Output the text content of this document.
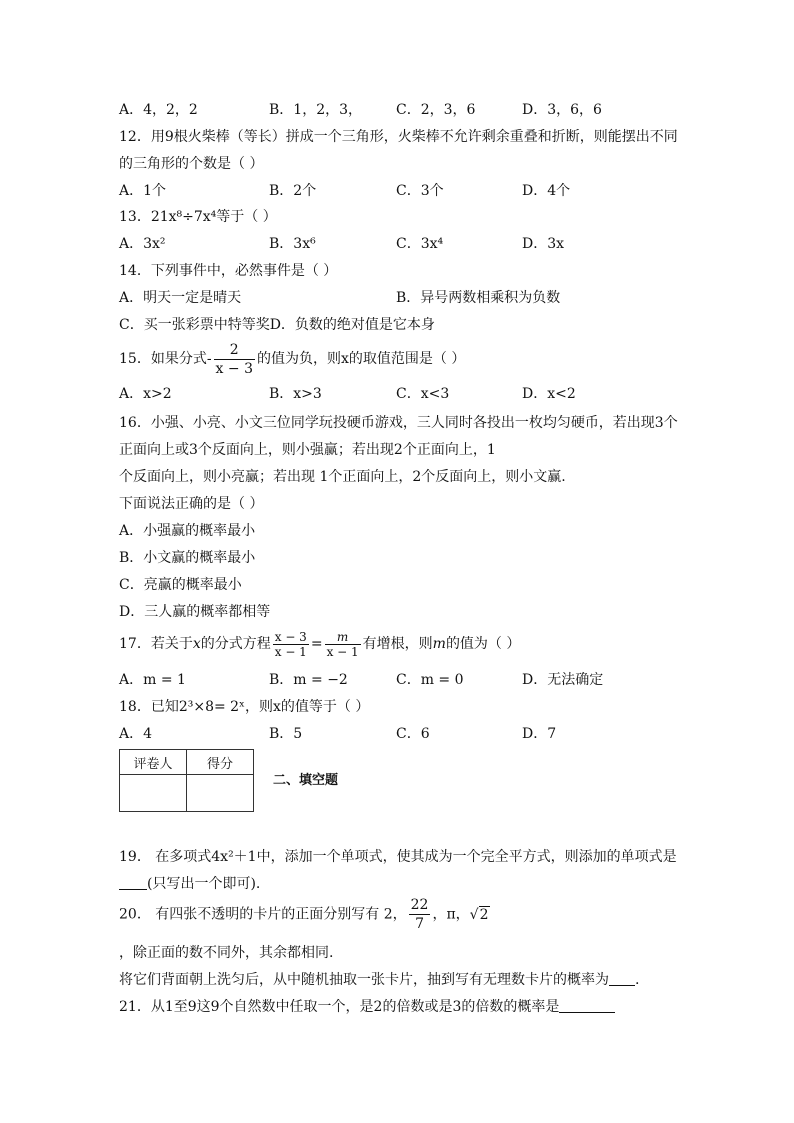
A．4，2，2	B．1，2，3， C．2，3，6	D．3，6，6
12．用9根火柴棒（等长）拼成一个三角形，火柴棒不允许剩余重叠和折断，则能摆出不同
的三角形的个数是（ ）
A．1个	B．2个	C．3个	D．4个
13．21x⁸÷7x⁴等于（ ）
A．3x²	B．3x⁶	C．3x⁴	D．3x
14．下列事件中，必然事件是（ ）
A．明天一定是晴天	B．异号两数相乘积为负数
C．买一张彩票中特等奖D．负数的绝对值是它本身
15．如果分式- $\frac{2}{x - 3}$ 的值为负，则x的取值范围是（ ）
A．x>2	B．x>3	C．x<3	D．x<2
16．小强、小亮、小文三位同学玩投硬币游戏，三人同时各投出一枚均匀硬币，若出现3个
正面向上或3个反面向上，则小强赢；若出现2个正面向上，1
个反面向上，则小亮赢；若出现 1个正面向上，2个反面向上，则小文赢.
下面说法正确的是（ ）
A．小强赢的概率最小
B．小文赢的概率最小
C．亮赢的概率最小
D．三人赢的概率都相等
17．若关于x的分式方程 $\frac{x - 3}{x - 1} = \frac{m}{x - 1}$ 有增根，则m的值为（ ）
A．m = 1	B．m = −2	C．m = 0	D．无法确定
18．已知2³×8= 2ˣ，则x的值等于（ ）
A．4	B．5	C．6	D．7
评卷人	得分

二、填空题
19． 在多项式4x²＋1中，添加一个单项式，使其成为一个完全平方式，则添加的单项式是
(只写出一个即可).
20． 有四张不透明的卡片的正面分别写有 2， $\frac{22}{7}$ ，π，√2
，除正面的数不同外，其余都相同.
将它们背面朝上洗匀后，从中随机抽取一张卡片，抽到写有无理数卡片的概率为 .
21．从1至9这9个自然数中任取一个，是2的倍数或是3的倍数的概率是
